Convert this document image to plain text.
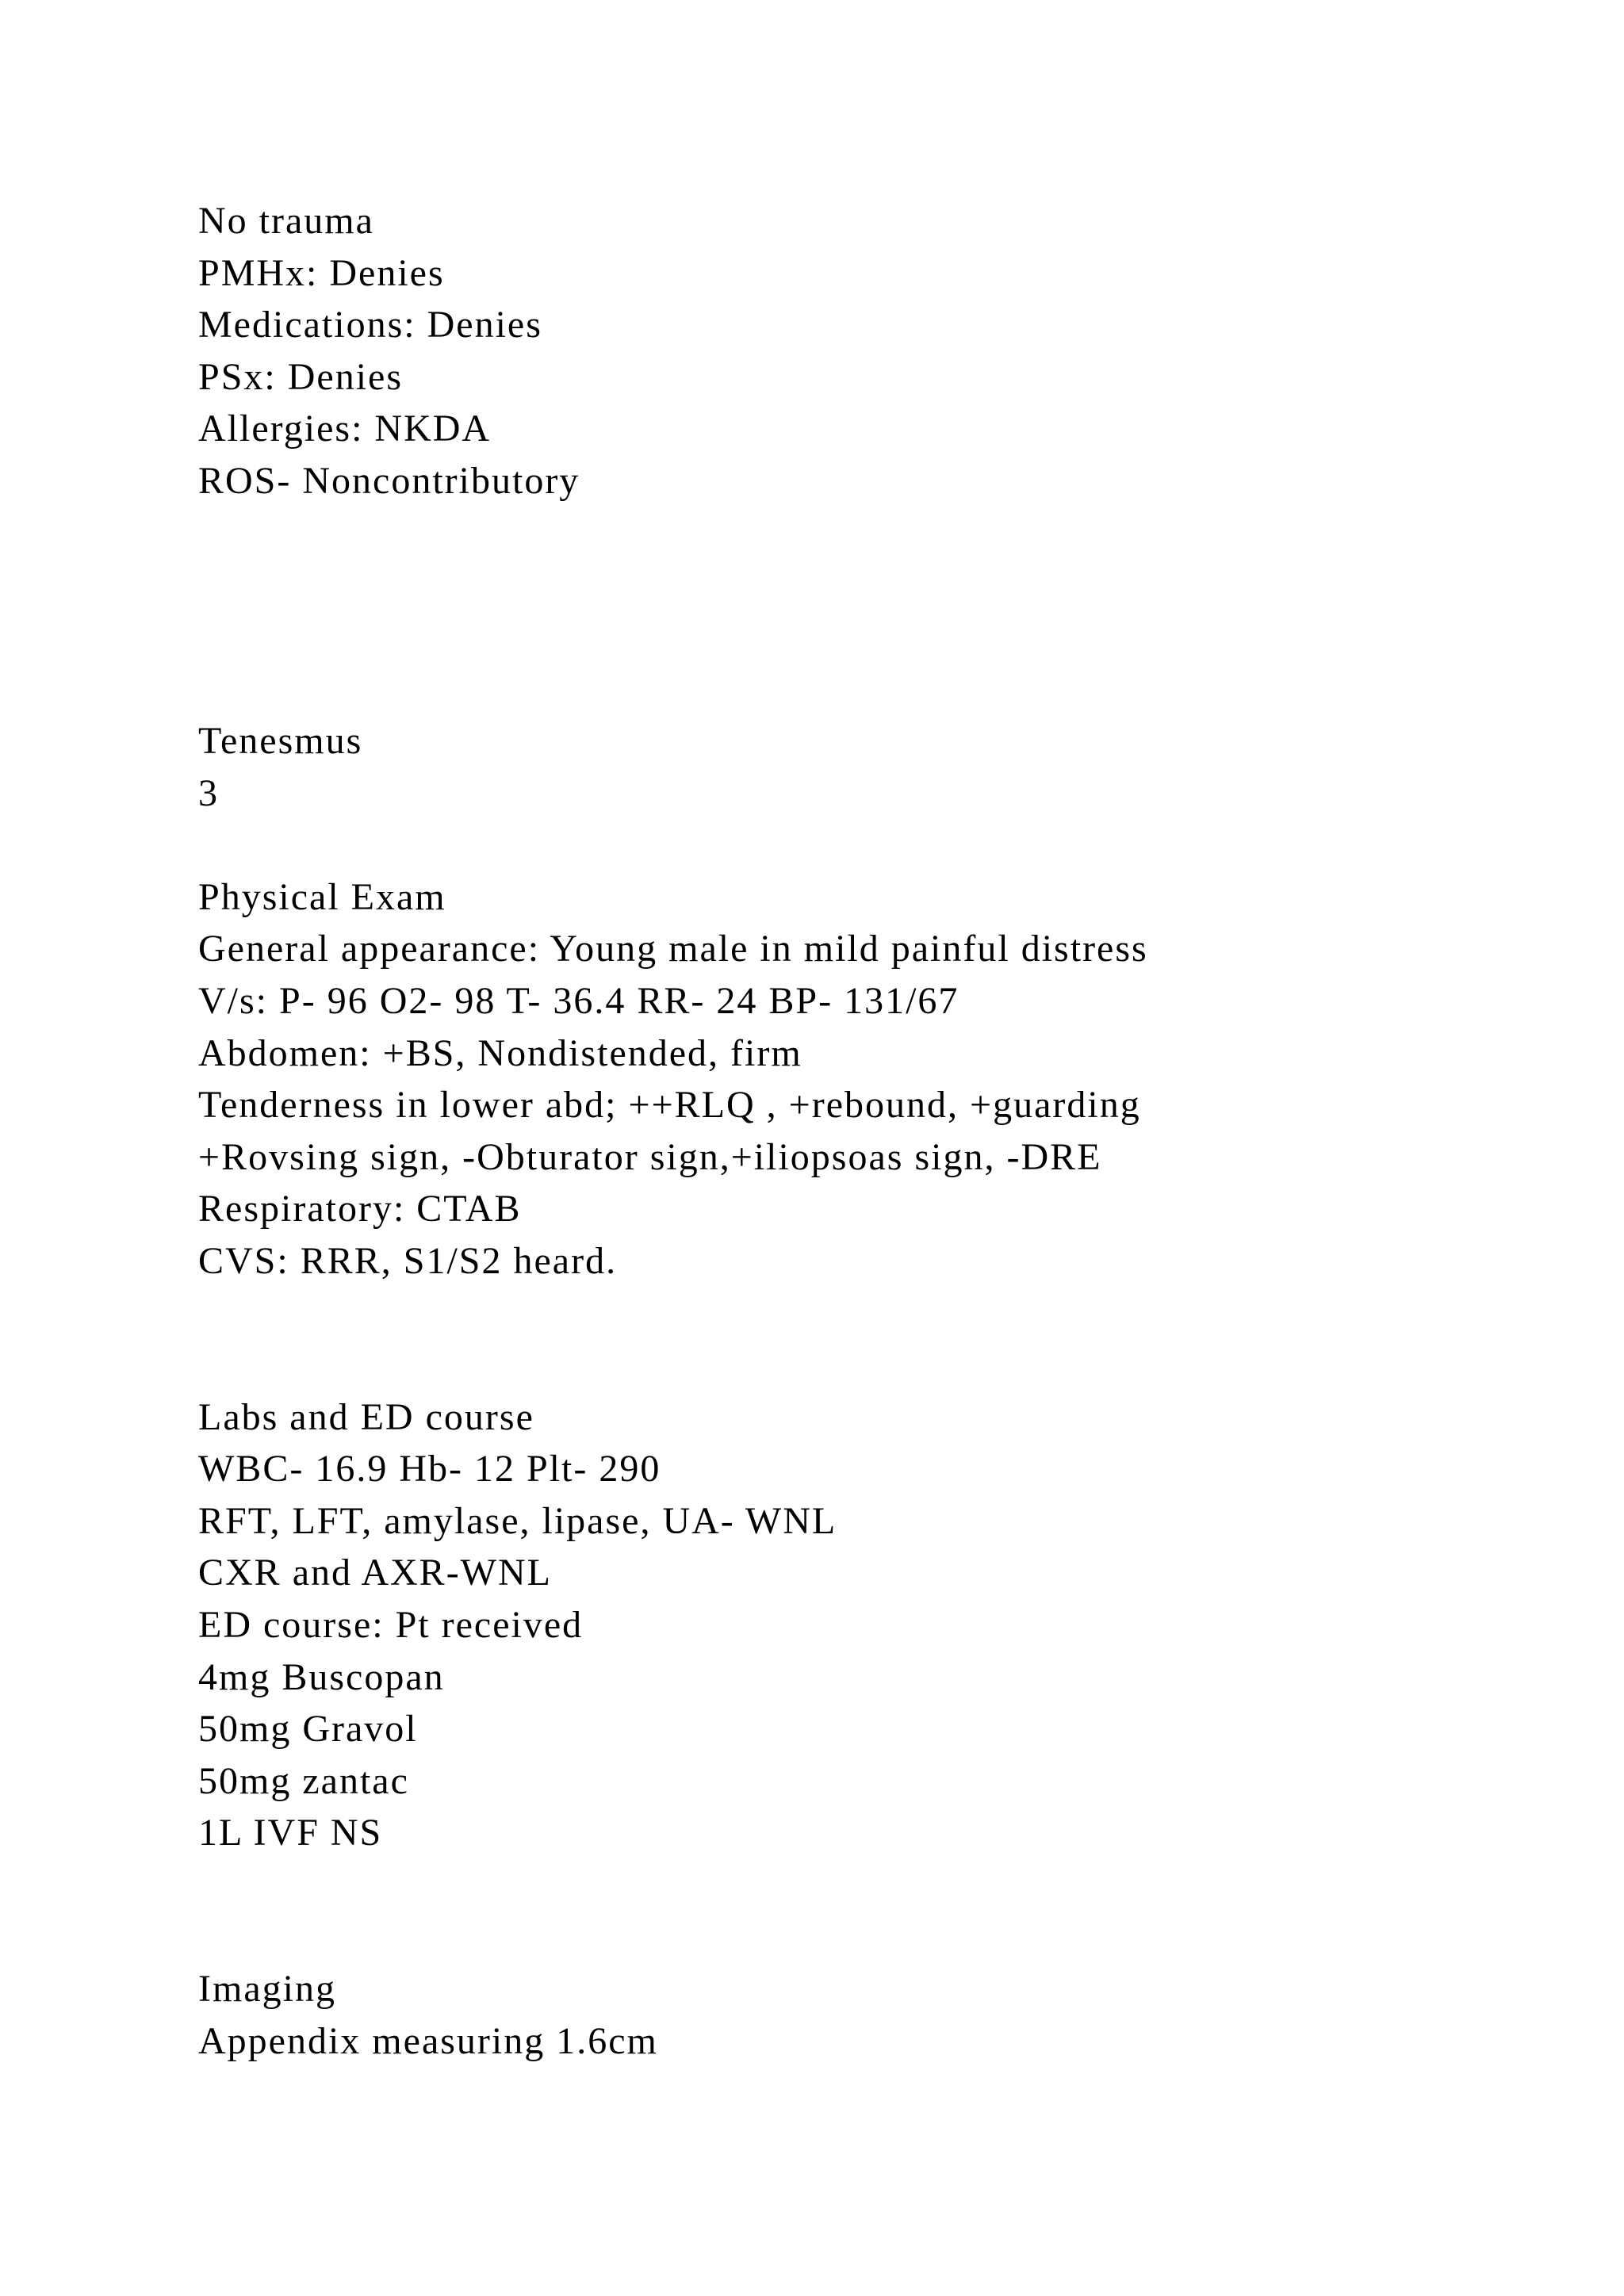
No trauma
PMHx: Denies
Medications: Denies
PSx: Denies
Allergies: NKDA
ROS- Noncontributory
Tenesmus
3
Physical Exam
General appearance: Young male in mild painful distress
V/s: P- 96 O2- 98 T- 36.4 RR- 24 BP- 131/67
Abdomen: +BS, Nondistended, firm
Tenderness in lower abd; ++RLQ , +rebound, +guarding
+Rovsing sign, -Obturator sign,+iliopsoas sign, -DRE
Respiratory: CTAB
CVS: RRR, S1/S2 heard.
Labs and ED course
WBC- 16.9 Hb- 12 Plt- 290
RFT, LFT, amylase, lipase, UA- WNL
CXR and AXR-WNL
ED course: Pt received
4mg Buscopan
50mg Gravol
50mg zantac
1L IVF NS
Imaging
Appendix measuring 1.6cm
